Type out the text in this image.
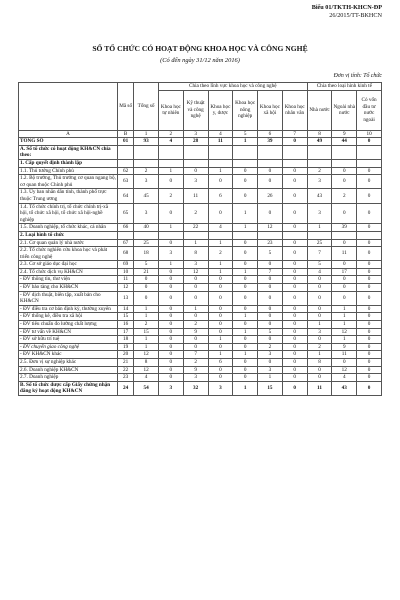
Biểu 01/TKTH-KHCN-ĐP
26/2015/TT-BKHCN
SỐ TỔ CHỨC CÓ HOẠT ĐỘNG KHOA HỌC VÀ CÔNG NGHỆ
(Có đến ngày 31/12 năm 2016)
Đơn vị tính: Tổ chức
	Mã số	Tổng số	Chia theo lĩnh vực khoa học và công nghệ						Chia theo loại hình kinh tế		
			Khoa học tự nhiên	Kỹ thuật và công nghệ	Khoa học y, dược	Khoa học nông nghiệp	Khoa học xã hội	Khoa học nhân văn	Nhà nước	Ngoài nhà nước	Có vốn đầu tư nước ngoài
A	B	1	2	3	4	5	6	7	8	9	10
TỔNG SỐ	01	93	4	28	11	1	39	0	49	44	0
A. Số tổ chức có hoạt động KH&CN chia theo:											
1. Cấp quyết định thành lập											
1.1. Thủ tướng Chính phủ	62	2	1	0	1	0	0	0	2	0	0
1.2. Bộ trưởng, Thủ trưởng cơ quan ngang bộ, cơ quan thuộc Chính phủ	63	3	0	3	0	0	0	0	3	0	0
1.3. Ủy ban nhân dân tỉnh, thành phố trực thuộc Trung ương	64	45	2	11	6	0	26	0	43	2	0
1.4. Tổ chức chính trị, tổ chức chính trị-xã hội, tổ chức xã hội, tổ chức xã hội-nghề nghiệp	65	3	0	2	0	1	0	0	3	0	0
1.5. Doanh nghiệp, tổ chức khác, cá nhân	66	40	1	22	4	1	12	0	1	39	0
2. Loại hình tổ chức											
2.1. Cơ quan quản lý nhà nước	67	25	0	1	1	0	23	0	25	0	0
2.2. Tổ chức nghiên cứu khoa học và phát triển công nghệ	68	18	3	8	2	0	5	0	7	11	0
2.3. Cơ sở giáo dục đại học	69	5	1	3	1	0	0	0	5	0	0
2.4. Tổ chức dịch vụ KH&CN	10	21	0	12	1	1	7	0	4	17	0
- ĐV thông tin, thư viện	11	0	0	0	0	0	0	0	0	0	0
- ĐV bảo tàng cho KH&CN	12	0	0	0	0	0	0	0	0	0	0
- ĐV dịch thuật, biên tập, xuất bản cho KH&CN	13	0	0	0	0	0	0	0	0	0	0
- ĐV điều tra cơ bản định kỳ, thường xuyên	14	1	0	1	0	0	0	0	0	1	0
- ĐV thống kê, điều tra xã hội	15	1	0	0	0	1	0	0	0	1	0
- ĐV tiêu chuẩn đo lường chất lượng	16	2	0	2	0	0	0	0	1	1	0
- ĐV tư vấn về KH&CN	17	15	0	9	0	1	5	0	3	12	0
- ĐV sở hữu trí tuệ	18	1	0	0	1	0	0	0	0	1	0
- ĐV chuyển giao công nghệ	19	1	0	0	0	0	2	0	2	9	0
- ĐV KH&CN khác	20	12	0	7	1	1	3	0	1	11	0
2.5. Đơn vị sự nghiệp khác	21	8	0	2	6	0	0	0	8	0	0
2.6. Doanh nghiệp KH&CN	22	12	0	9	0	0	3	0	0	12	0
2.7. Doanh nghiệp	23	4	0	3	0	0	1	0	0	4	0
B. Số tổ chức được cấp Giấy chứng nhận đăng ký hoạt động KH&CN	24	54	3	32	3	1	15	0	11	43	0
